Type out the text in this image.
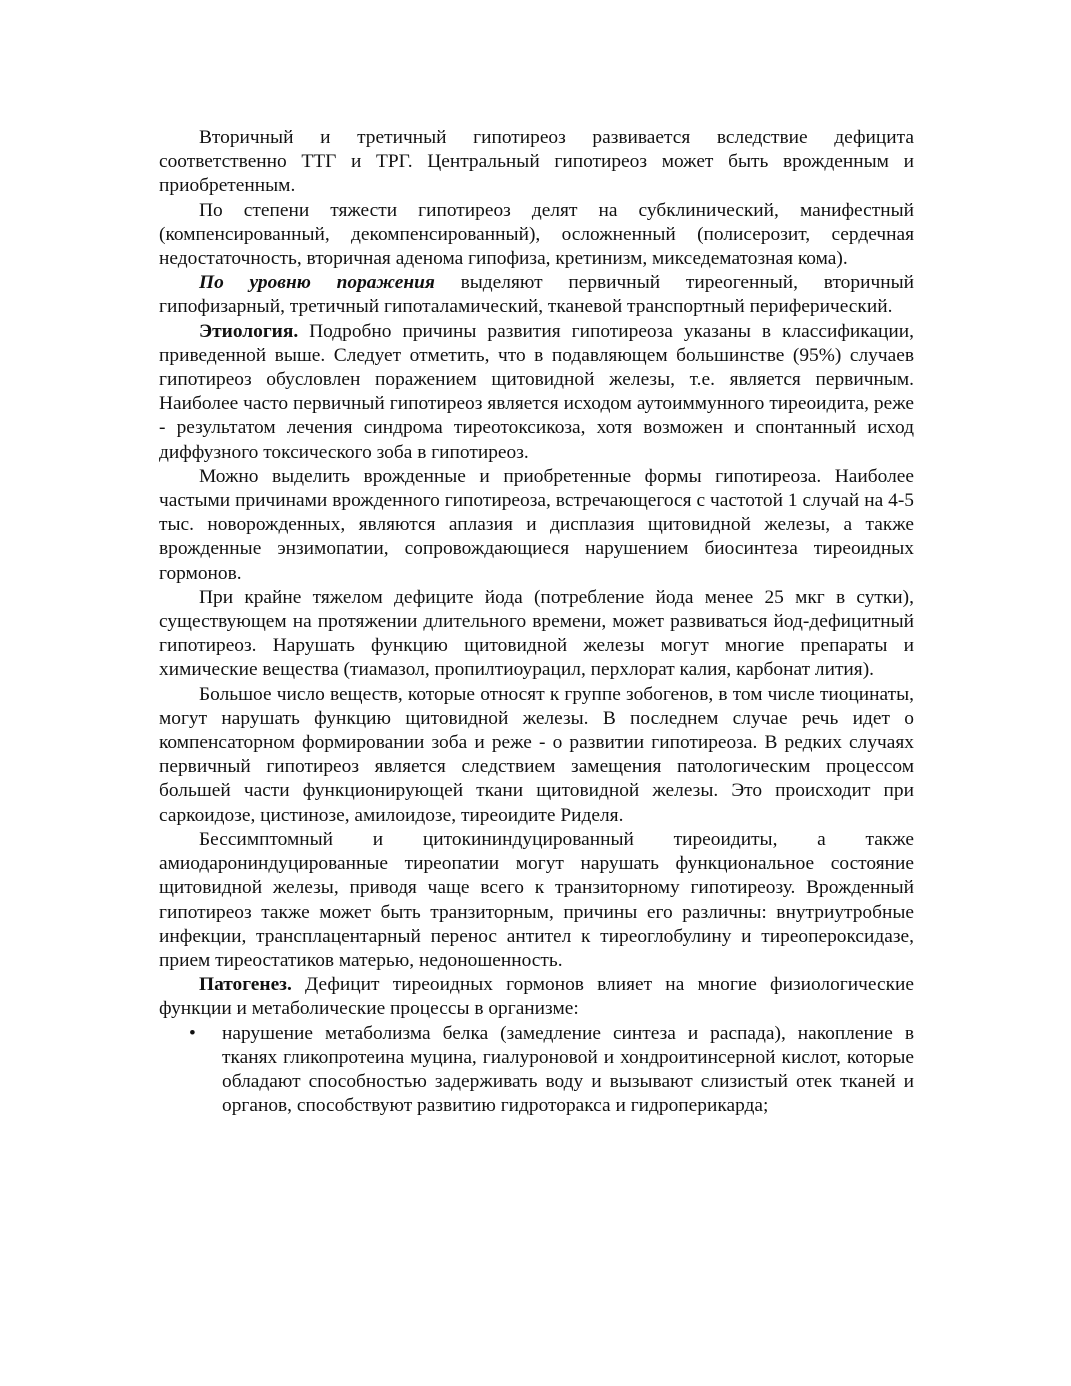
Вторичный и третичный гипотиреоз развивается вследствие дефицита соответственно ТТГ и ТРГ. Центральный гипотиреоз может быть врожденным и приобретенным.

По степени тяжести гипотиреоз делят на субклинический, манифестный (компенсированный, декомпенсированный), осложненный (полисерозит, сердечная недостаточность, вторичная аденома гипофиза, кретинизм, микседематозная кома).

По уровню поражения выделяют первичный тиреогенный, вторичный гипофизарный, третичный гипоталамический, тканевой транспортный периферический.

Этиология. Подробно причины развития гипотиреоза указаны в классификации, приведенной выше. Следует отметить, что в подавляющем большинстве (95%) случаев гипотиреоз обусловлен поражением щитовидной железы, т.е. является первичным. Наиболее часто первичный гипотиреоз является исходом аутоиммунного тиреоидита, реже - результатом лечения синдрома тиреотоксикоза, хотя возможен и спонтанный исход диффузного токсического зоба в гипотиреоз.

Можно выделить врожденные и приобретенные формы гипотиреоза. Наиболее частыми причинами врожденного гипотиреоза, встречающегося с частотой 1 случай на 4-5 тыс. новорожденных, являются аплазия и дисплазия щитовидной железы, а также врожденные энзимопатии, сопровождающиеся нарушением биосинтеза тиреоидных гормонов.

При крайне тяжелом дефиците йода (потребление йода менее 25 мкг в сутки), существующем на протяжении длительного времени, может развиваться йод-дефицитный гипотиреоз. Нарушать функцию щитовидной железы могут многие препараты и химические вещества (тиамазол, пропилтиоурацил, перхлорат калия, карбонат лития).

Большое число веществ, которые относят к группе зобогенов, в том числе тиоцинаты, могут нарушать функцию щитовидной железы. В последнем случае речь идет о компенсаторном формировании зоба и реже - о развитии гипотиреоза. В редких случаях первичный гипотиреоз является следствием замещения патологическим процессом большей части функционирующей ткани щитовидной железы. Это происходит при саркоидозе, цистинозе, амилоидозе, тиреоидите Риделя.

Бессимптомный и цитокининдуцированный тиреоидиты, а также амиодарониндуцированные тиреопатии могут нарушать функциональное состояние щитовидной железы, приводя чаще всего к транзиторному гипотиреозу. Врожденный гипотиреоз также может быть транзиторным, причины его различны: внутриутробные инфекции, трансплацентарный перенос антител к тиреоглобулину и тиреопероксидазе, прием тиреостатиков матерью, недоношенность.

Патогенез. Дефицит тиреоидных гормонов влияет на многие физиологические функции и метаболические процессы в организме:

• нарушение метаболизма белка (замедление синтеза и распада), накопление в тканях гликопротеина муцина, гиалуроновой и хондроитинсерной кислот, которые обладают способностью задерживать воду и вызывают слизистый отек тканей и органов, способствуют развитию гидроторакса и гидроперикарда;
